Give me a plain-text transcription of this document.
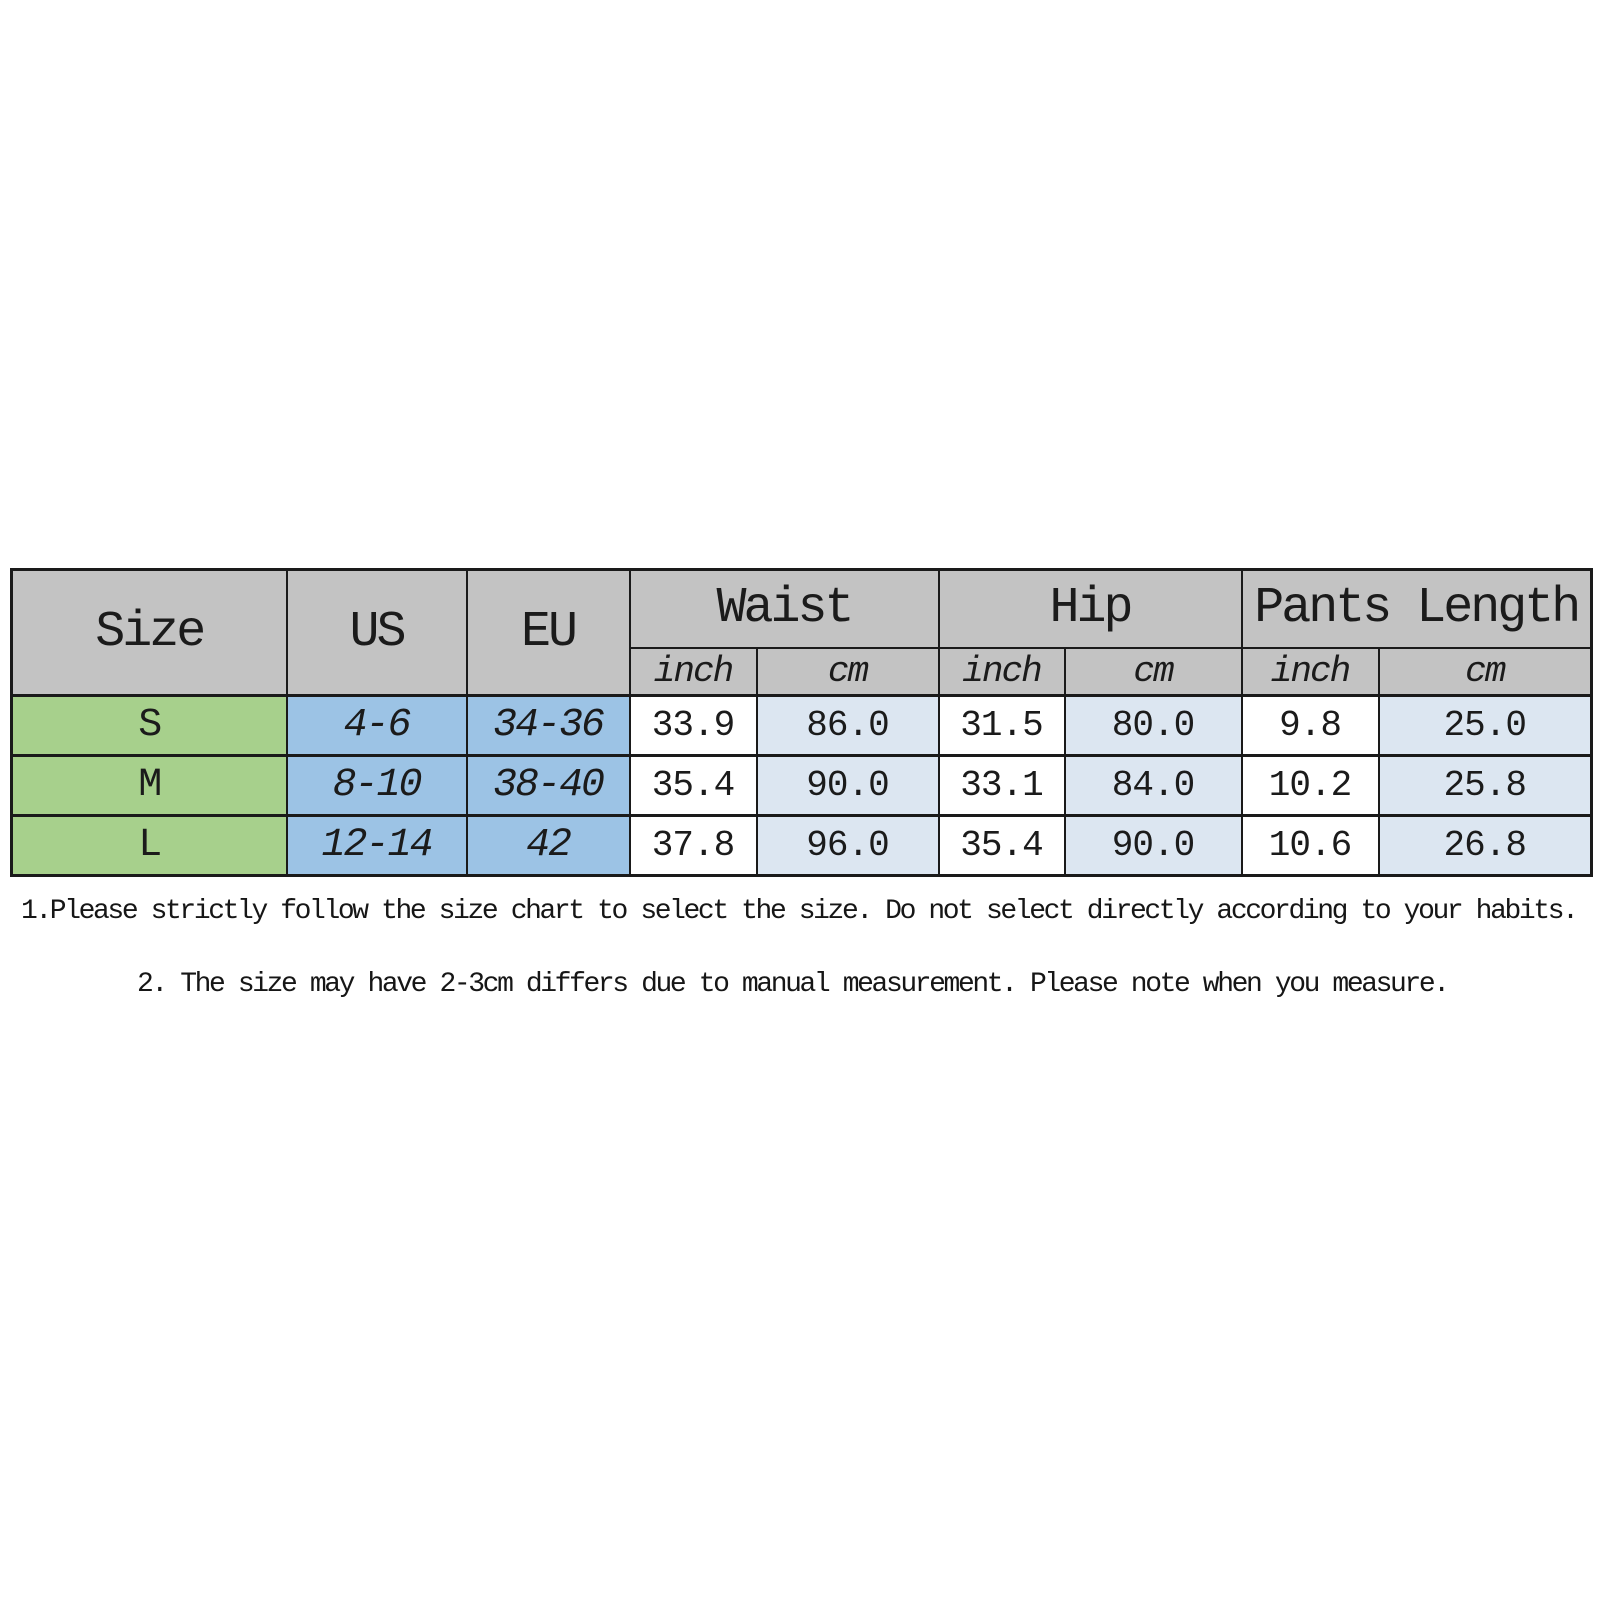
Size	US	EU	Waist		Hip		Pants Length	
			inch	cm	inch	cm	inch	cm
S	4-6	34-36	33.9	86.0	31.5	80.0	9.8	25.0
M	8-10	38-40	35.4	90.0	33.1	84.0	10.2	25.8
L	12-14	42	37.8	96.0	35.4	90.0	10.6	26.8
1.Please strictly follow the size chart to select the size. Do not select directly according to your habits.
2. The size may have 2-3cm differs due to manual measurement. Please note when you measure.
